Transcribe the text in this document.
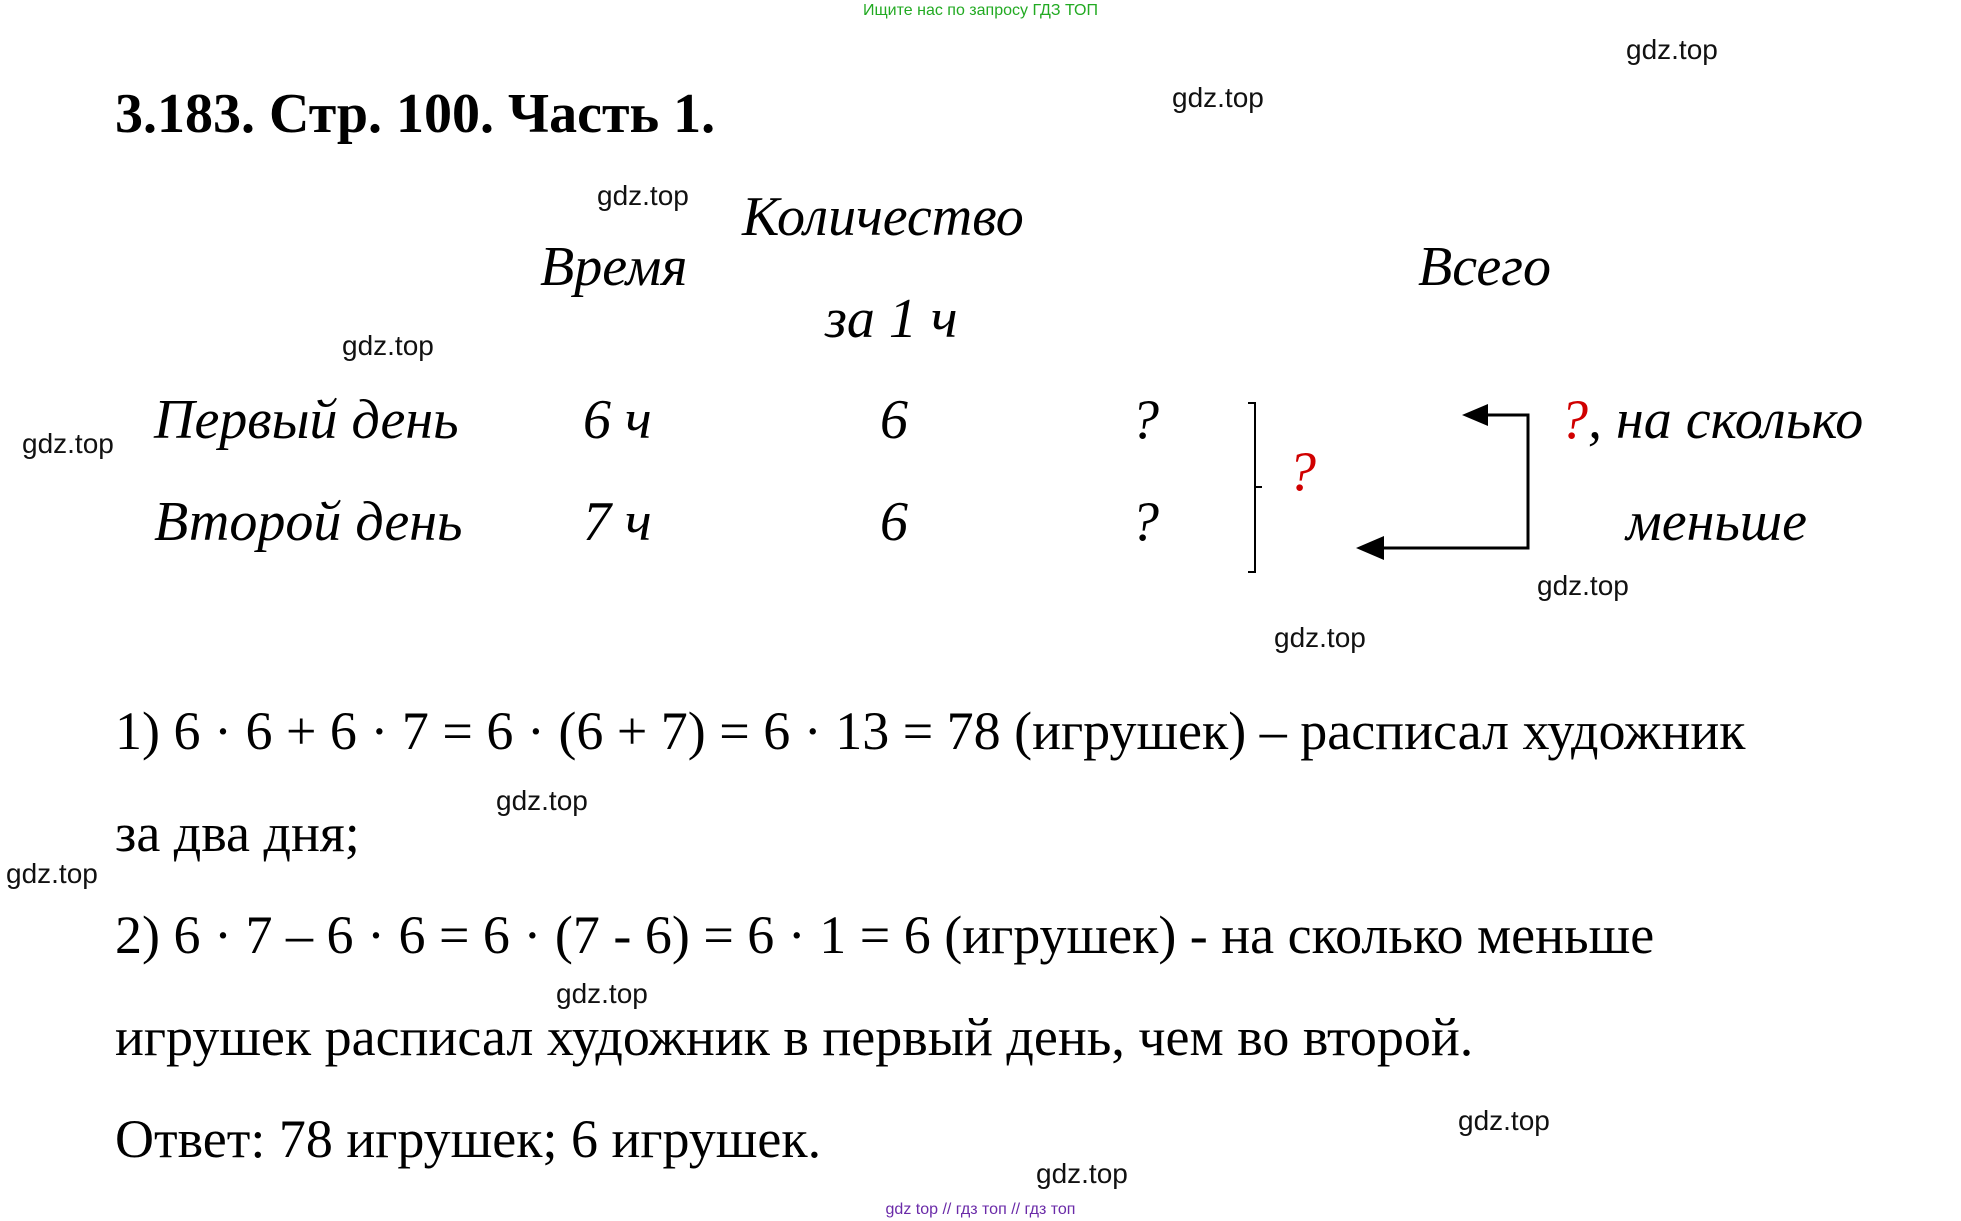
Ищите нас по запросу ГДЗ ТОП
gdz.top
gdz.top
gdz.top
gdz.top
gdz.top
gdz.top
gdz.top
gdz.top
gdz.top
gdz.top
gdz.top
gdz.top
3.183. Стр. 100. Часть 1.
Время
Количество
за 1 ч
Всего
Первый день 6 ч	6	?
Второй день 7 ч	6	?
?
?, на сколько
меньше
1) 6 · 6 + 6 · 7 = 6 · (6 + 7) = 6 · 13 = 78 (игрушек) – расписал художник
за два дня;
2) 6 · 7 – 6 · 6 = 6 · (7 - 6) = 6 · 1 = 6 (игрушек) - на сколько меньше
игрушек расписал художник в первый день, чем во второй.
Ответ: 78 игрушек; 6 игрушек.
gdz top // гдз топ // гдз топ
